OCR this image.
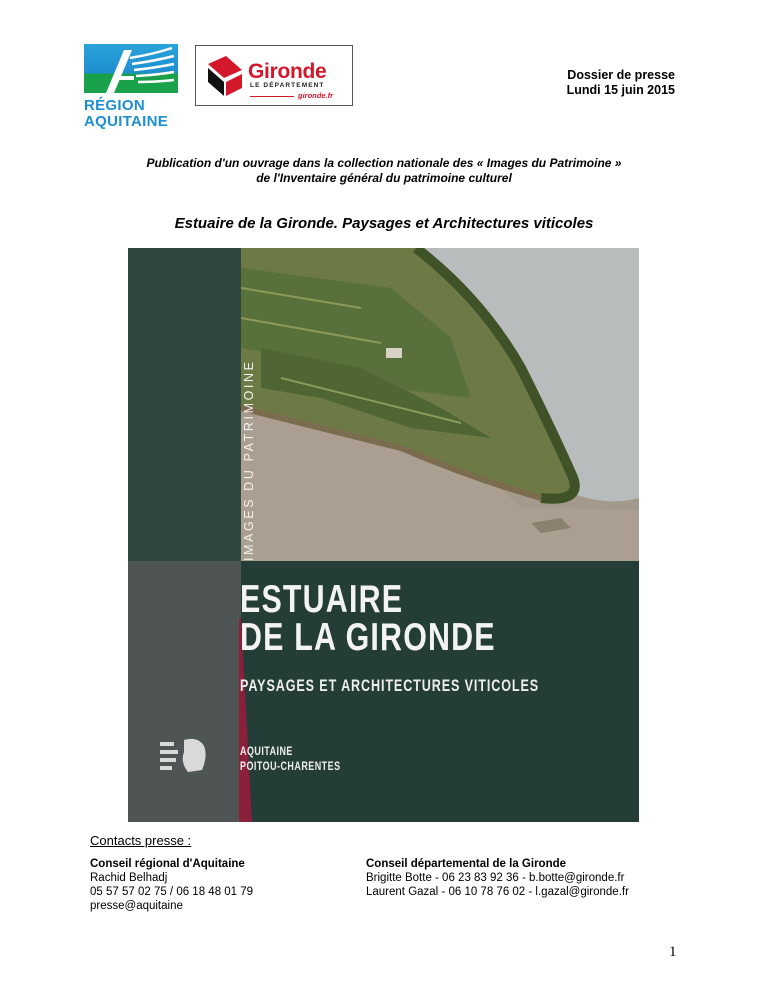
RÉGION
AQUITAINE
Gironde
LE DÉPARTEMENT
gironde.fr
Dossier de presse
Lundi 15 juin 2015
Publication d'un ouvrage dans la collection nationale des « Images du Patrimoine »
de l'Inventaire général du patrimoine culturel
Estuaire de la Gironde. Paysages et Architectures viticoles
IMAGES DU PATRIMOINE
ESTUAIRE
DE LA GIRONDE
PAYSAGES ET ARCHITECTURES VITICOLES
AQUITAINE
POITOU-CHARENTES
Contacts presse :
Conseil régional d'Aquitaine
Rachid Belhadj
05 57 57 02 75 / 06 18 48 01 79
presse@aquitaine
Conseil départemental de la Gironde
Brigitte Botte - 06 23 83 92 36 - b.botte@gironde.fr
Laurent Gazal - 06 10 78 76 02 - l.gazal@gironde.fr
1
